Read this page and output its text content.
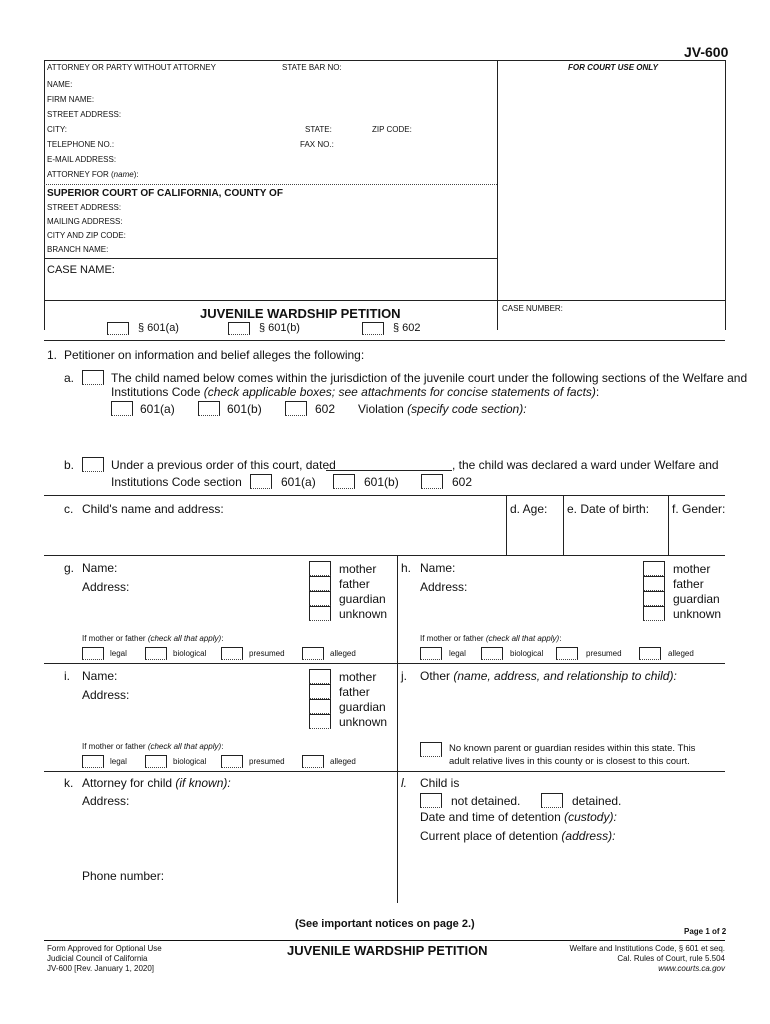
JV-600
ATTORNEY OR PARTY WITHOUT ATTORNEY	STATE BAR NO:	FOR COURT USE ONLY
NAME:
FIRM NAME:
STREET ADDRESS:
CITY:	STATE:	ZIP CODE:
TELEPHONE NO.:	FAX NO.:
E-MAIL ADDRESS:
ATTORNEY FOR (name):
SUPERIOR COURT OF CALIFORNIA, COUNTY OF
STREET ADDRESS:
MAILING ADDRESS:
CITY AND ZIP CODE:
BRANCH NAME:
CASE NAME:
JUVENILE WARDSHIP PETITION	CASE NUMBER:
§ 601(a)	§ 601(b)	§ 602
1. Petitioner on information and belief alleges the following:
a.	The child named below comes within the jurisdiction of the juvenile court under the following sections of the Welfare and
Institutions Code (check applicable boxes; see attachments for concise statements of facts):
601(a)	601(b)	602 Violation (specify code section):
b.	Under a previous order of this court, dated	, the child was declared a ward under Welfare and
Institutions Code section	601(a)	601(b)	602
c. Child's name and address:	d. Age: e. Date of birth: f. Gender:
g. Name:
Address:
mother
father
guardian
unknown
If mother or father (check all that apply):
legal	biological	presumed	alleged
h. Name:
Address:
mother
father
guardian
unknown
If mother or father (check all that apply):
legal	biological	presumed	alleged
i. Name:
Address:
mother
father
guardian
unknown
If mother or father (check all that apply):
legal	biological	presumed	alleged
j. Other (name, address, and relationship to child):
No known parent or guardian resides within this state. This
adult relative lives in this county or is closest to this court.
k. Attorney for child (if known):
Address:
Phone number:
l. Child is
not detained.	detained.
Date and time of detention (custody):
Current place of detention (address):
(See important notices on page 2.)
Page 1 of 2
Form Approved for Optional Use
Judicial Council of California
JV-600 [Rev. January 1, 2020]
JUVENILE WARDSHIP PETITION	Welfare and Institutions Code, § 601 et seq.
Cal. Rules of Court, rule 5.504
www.courts.ca.gov
